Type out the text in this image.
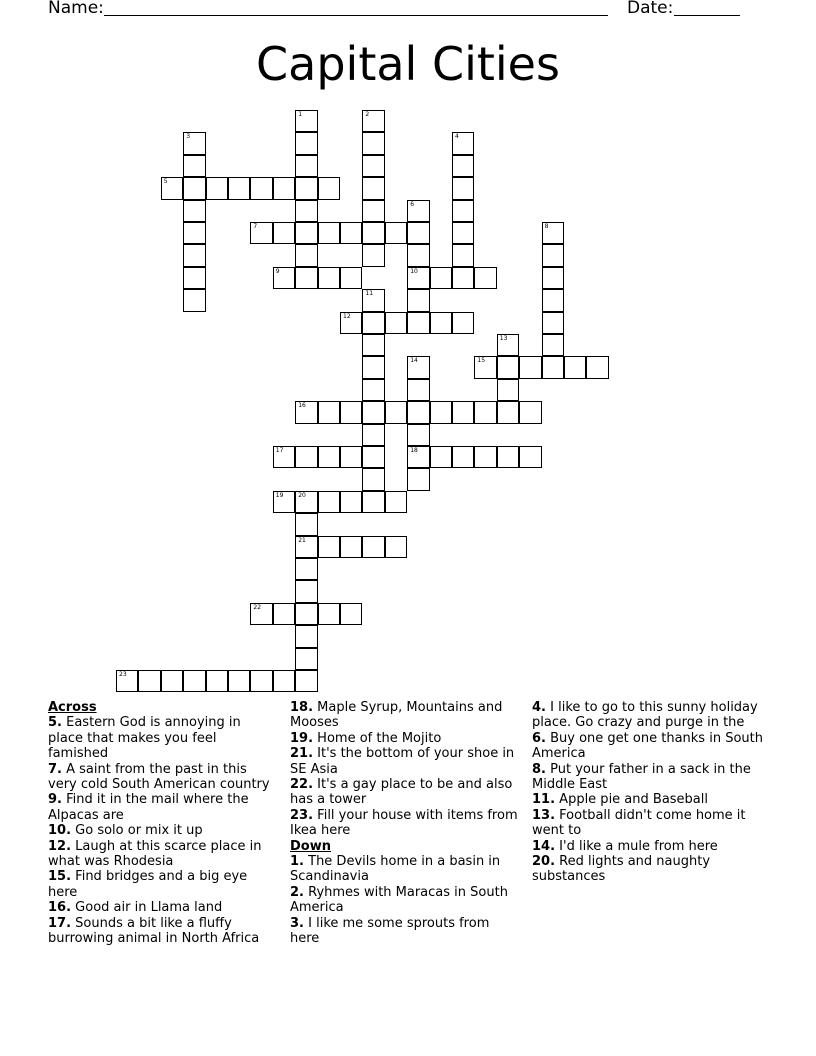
Name:	Date:
Capital Cities
5
7
9	10
12
15
16
17	18
19 20
21
22
23
1	2
3	4
6
8
11
13
14
Across

5. Eastern God is annoying in place that makes you feel famished

7. A saint from the past in this very cold South American country

9. Find it in the mail where the Alpacas are

10. Go solo or mix it up

12. Laugh at this scarce place in what was Rhodesia

15. Find bridges and a big eye here

16. Good air in Llama land

17. Sounds a bit like a fluffy burrowing animal in North Africa

18. Maple Syrup, Mountains and Mooses

19. Home of the Mojito

21. It's the bottom of your shoe in SE Asia

22. It's a gay place to be and also has a tower

23. Fill your house with items from Ikea here

Down

1. The Devils home in a basin in Scandinavia

2. Ryhmes with Maracas in South America

3. I like me some sprouts from here

4. I like to go to this sunny holiday place. Go crazy and purge in the

6. Buy one get one thanks in South America

8. Put your father in a sack in the Middle East

11. Apple pie and Baseball

13. Football didn't come home it went to

14. I'd like a mule from here

20. Red lights and naughty substances
